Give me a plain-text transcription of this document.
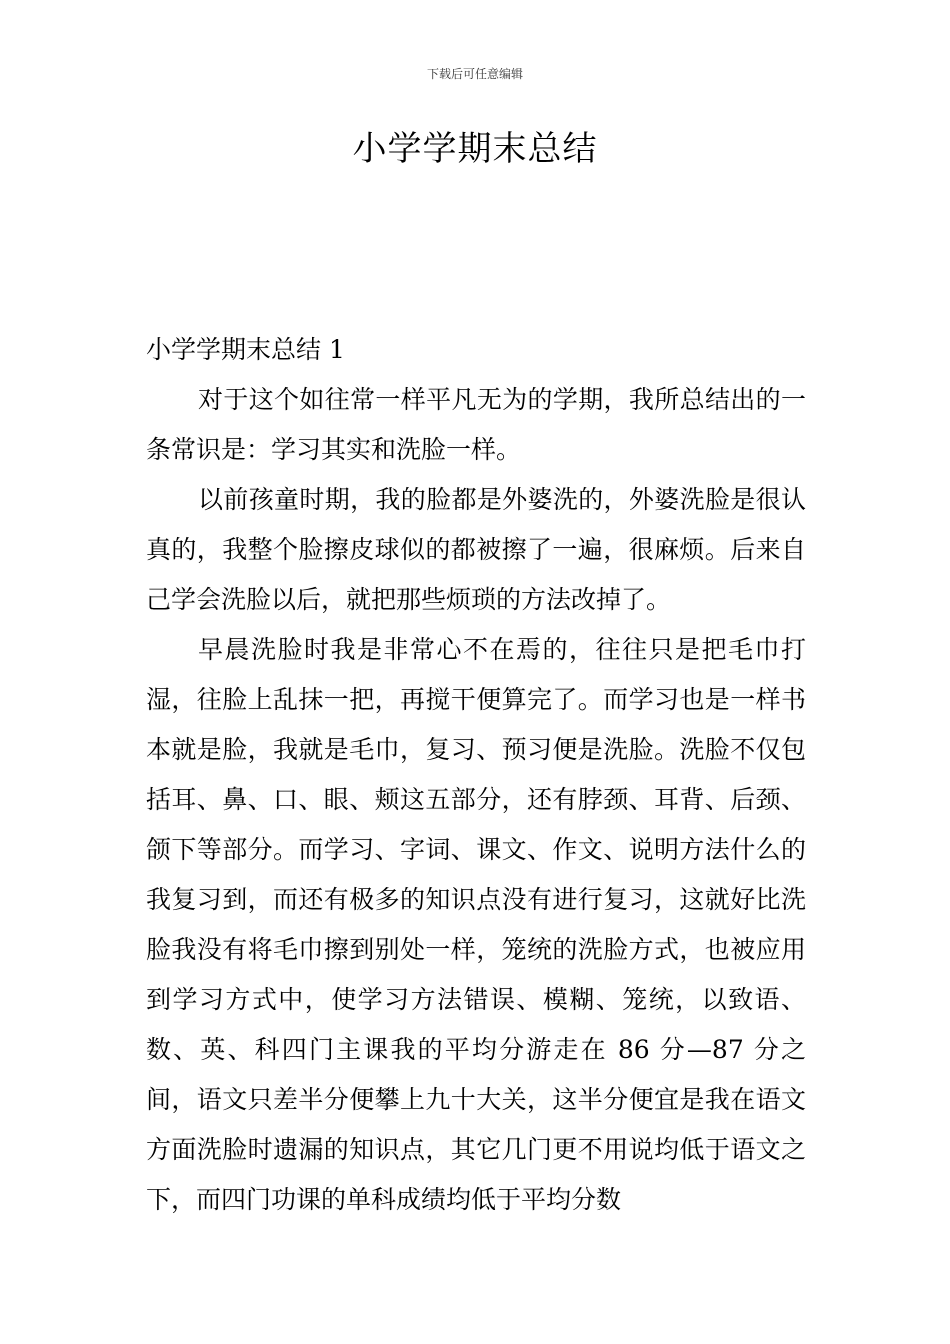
下载后可任意编辑
小学学期末总结
小学学期末总结 1

对于这个如往常一样平凡无为的学期，我所总结出的一条常识是：学习其实和洗脸一样。

以前孩童时期，我的脸都是外婆洗的，外婆洗脸是很认真的，我整个脸擦皮球似的都被擦了一遍，很麻烦。后来自己学会洗脸以后，就把那些烦琐的方法改掉了。

早晨洗脸时我是非常心不在焉的，往往只是把毛巾打湿，往脸上乱抹一把，再搅干便算完了。而学习也是一样书本就是脸，我就是毛巾，复习、预习便是洗脸。洗脸不仅包括耳、鼻、口、眼、颊这五部分，还有脖颈、耳背、后颈、颌下等部分。而学习、字词、课文、作文、说明方法什么的我复习到，而还有极多的知识点没有进行复习，这就好比洗脸我没有将毛巾擦到别处一样，笼统的洗脸方式，也被应用到学习方式中，使学习方法错误、模糊、笼统，以致语、数、英、科四门主课我的平均分游走在 86 分—87 分之间，语文只差半分便攀上九十大关，这半分便宜是我在语文方面洗脸时遗漏的知识点，其它几门更不用说均低于语文之下，而四门功课的单科成绩均低于平均分数
